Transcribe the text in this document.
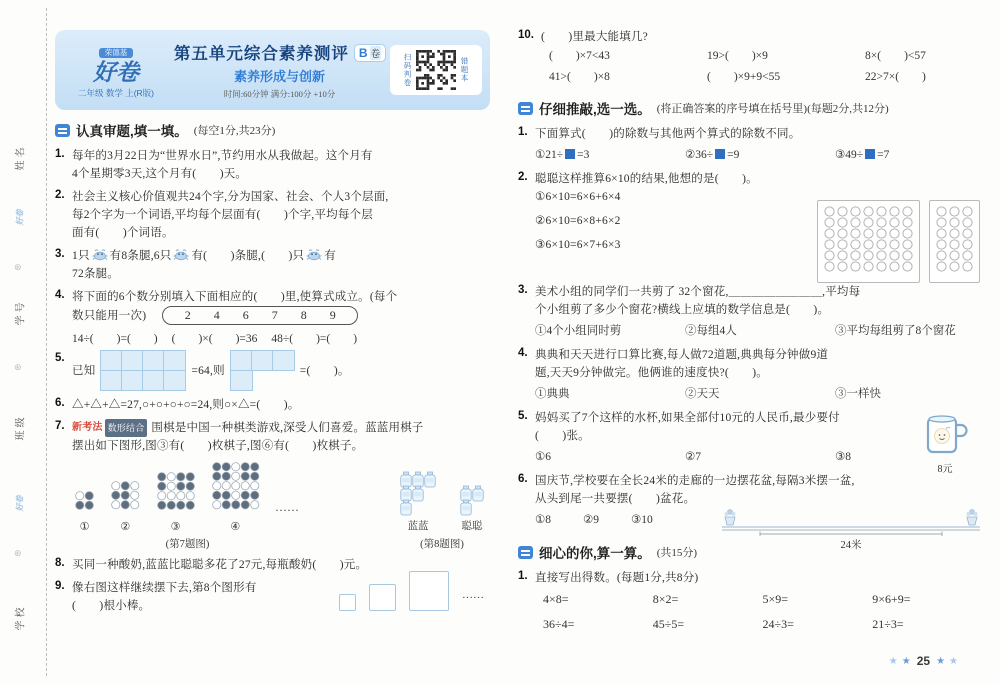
姓名
好卷
⊛
学号
⊛
班级
好卷
⊛
学校
荣德基
好卷
二年级 数学 上(R版)
第五单元综合素养测评 B 卷
素养形成与创新
时间:60分钟 满分:100分 +10分
扫码判卷	错题本
认真审题,填一填。 (每空1分,共23分)
1. 每年的3月22日为“世界水日”,节约用水从我做起。这个月有
4个星期零3天,这个月有(　　)天。
2. 社会主义核心价值观共24个字,分为国家、社会、个人3个层面,
每2个字为一个词语,平均每个层面有(　　)个字,平均每个层
面有(　　)个词语。
3. 1只 有8条腿,6只 有(　　)条腿,(　　)只 有
72条腿。
4. 将下面的6个数分别填入下面相应的(　　)里,使算式成立。(每个
数只能用一次)	2	4	6	7	8	9
14÷(　　)=(　　) (　　)×(　　)=36 48÷(　　)=(　　)
5.
已知	=64,则	=(　　)。
6. △+△+△=27,○+○+○+○=24,则○×△=(　　)。
7. 新考法 数形结合 围棋是中国一种棋类游戏,深受人们喜爱。蓝蓝用棋子
摆出如下图形,图③有(　　)枚棋子,图⑥有(　　)枚棋子。
①	②	③	④
……
(第7题图)
蓝蓝	聪聪
(第8题图)
8. 买同一种酸奶,蓝蓝比聪聪多花了27元,每瓶酸奶(　　)元。
9. 像右图这样继续摆下去,第8个图形有
(　　)根小棒。
……
10. (　　)里最大能填几?
(　　)×7<43	19>(　　)×9	8×(　　)<57
41>(　　)×8	(　　)×9+9<55	22>7×(　　)
仔细推敲,选一选。 (将正确答案的序号填在括号里)(每题2分,共12分)
1. 下面算式(　　)的除数与其他两个算式的除数不同。
①21÷ =3	②36÷ =9	③49÷ =7
2. 聪聪这样推算6×10的结果,他想的是(　　)。
①6×10=6×6+6×4
②6×10=6×8+6×2
③6×10=6×7+6×3
3. 美术小组的同学们一共剪了 32个窗花,＿＿＿＿＿＿＿＿,平均每
个小组剪了多少个窗花?横线上应填的数学信息是(　　)。
①4个小组同时剪	②每组4人	③平均每组剪了8个窗花
4. 典典和天天进行口算比赛,每人做72道题,典典每分钟做9道
题,天天9分钟做完。他俩谁的速度快?(　　)。
①典典	②天天	③一样快
5. 妈妈买了7个这样的水杯,如果全部付10元的人民币,最少要付
(　　)张。
①6	②7	③8
8元
6. 国庆节,学校要在全长24米的走廊的一边摆花盆,每隔3米摆一盆,
从头到尾一共要摆(　　)盆花。
①8	②9	③10
24米
细心的你,算一算。 (共15分)
1. 直接写出得数。(每题1分,共8分)
4×8=	8×2=	5×9=	9×6+9=
36÷4=	45÷5=	24÷3=	21÷3=
★ ★ 25 ★ ★
